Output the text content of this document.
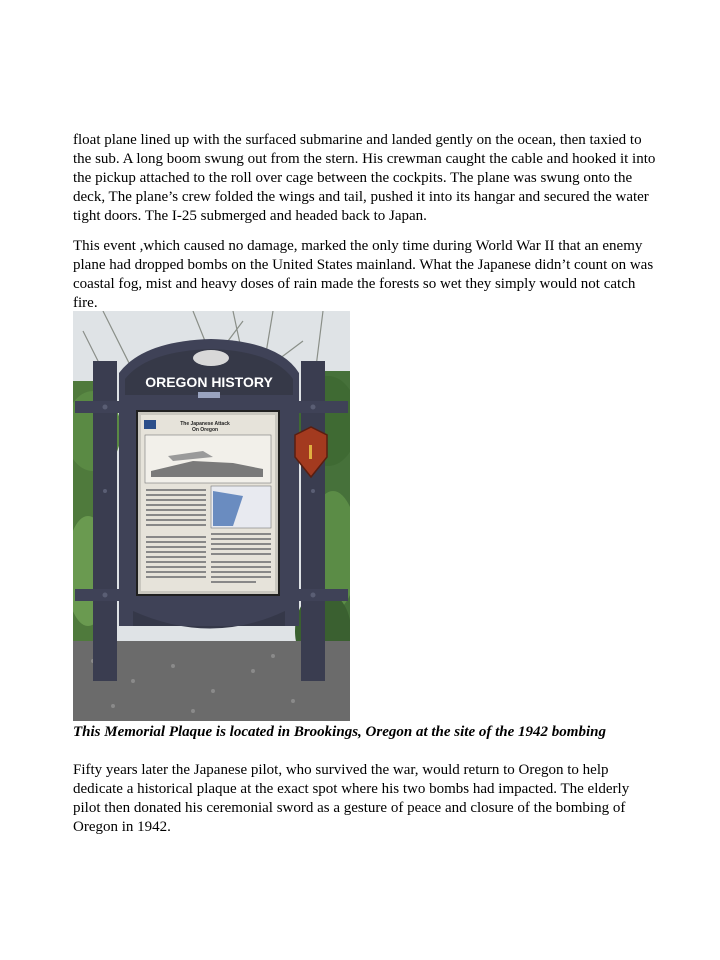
float plane lined up with the surfaced submarine and landed gently on the ocean, then taxied to the sub. A long boom swung out from the stern. His crewman caught the cable and hooked it into the pickup attached to the roll over cage between the cockpits. The plane was swung onto the deck, The plane’s crew folded the wings and tail, pushed it into its hangar and secured the water tight doors. The I-25 submerged and headed back to Japan.

This event ,which caused no damage, marked the only time during World War II that an enemy plane had dropped bombs on the United States mainland. What the Japanese didn’t count on was coastal fog, mist and heavy doses of rain made the forests so wet they simply would not catch fire.

OREGON HISTORY
The Japanese Attack
On Oregon

This Memorial Plaque is located in Brookings, Oregon at the site of the 1942 bombing

Fifty years later the Japanese pilot, who survived the war, would return to Oregon to help dedicate a historical plaque at the exact spot where his two bombs had impacted. The elderly pilot then donated his ceremonial sword as a gesture of peace and closure of the bombing of Oregon in 1942.
